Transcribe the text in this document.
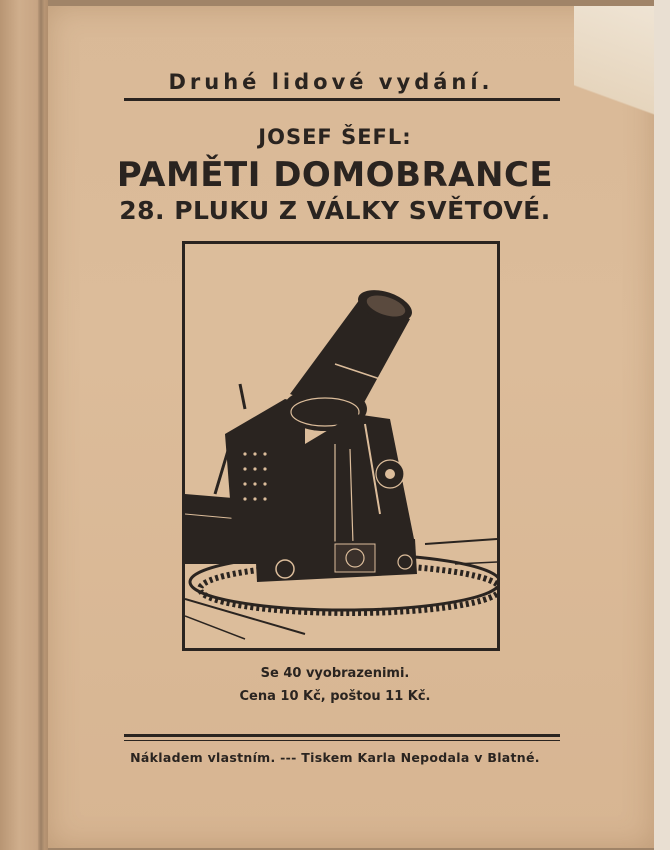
Druhé lidové vydání.

JOSEF ŠEFL:

PAMĚTI DOMOBRANCE

28. PLUKU Z VÁLKY SVĚTOVÉ.

Se 40 vyobrazenimi.

Cena 10 Kč, poštou 11 Kč.

Nákladem vlastním. --- Tiskem Karla Nepodala v Blatné.
